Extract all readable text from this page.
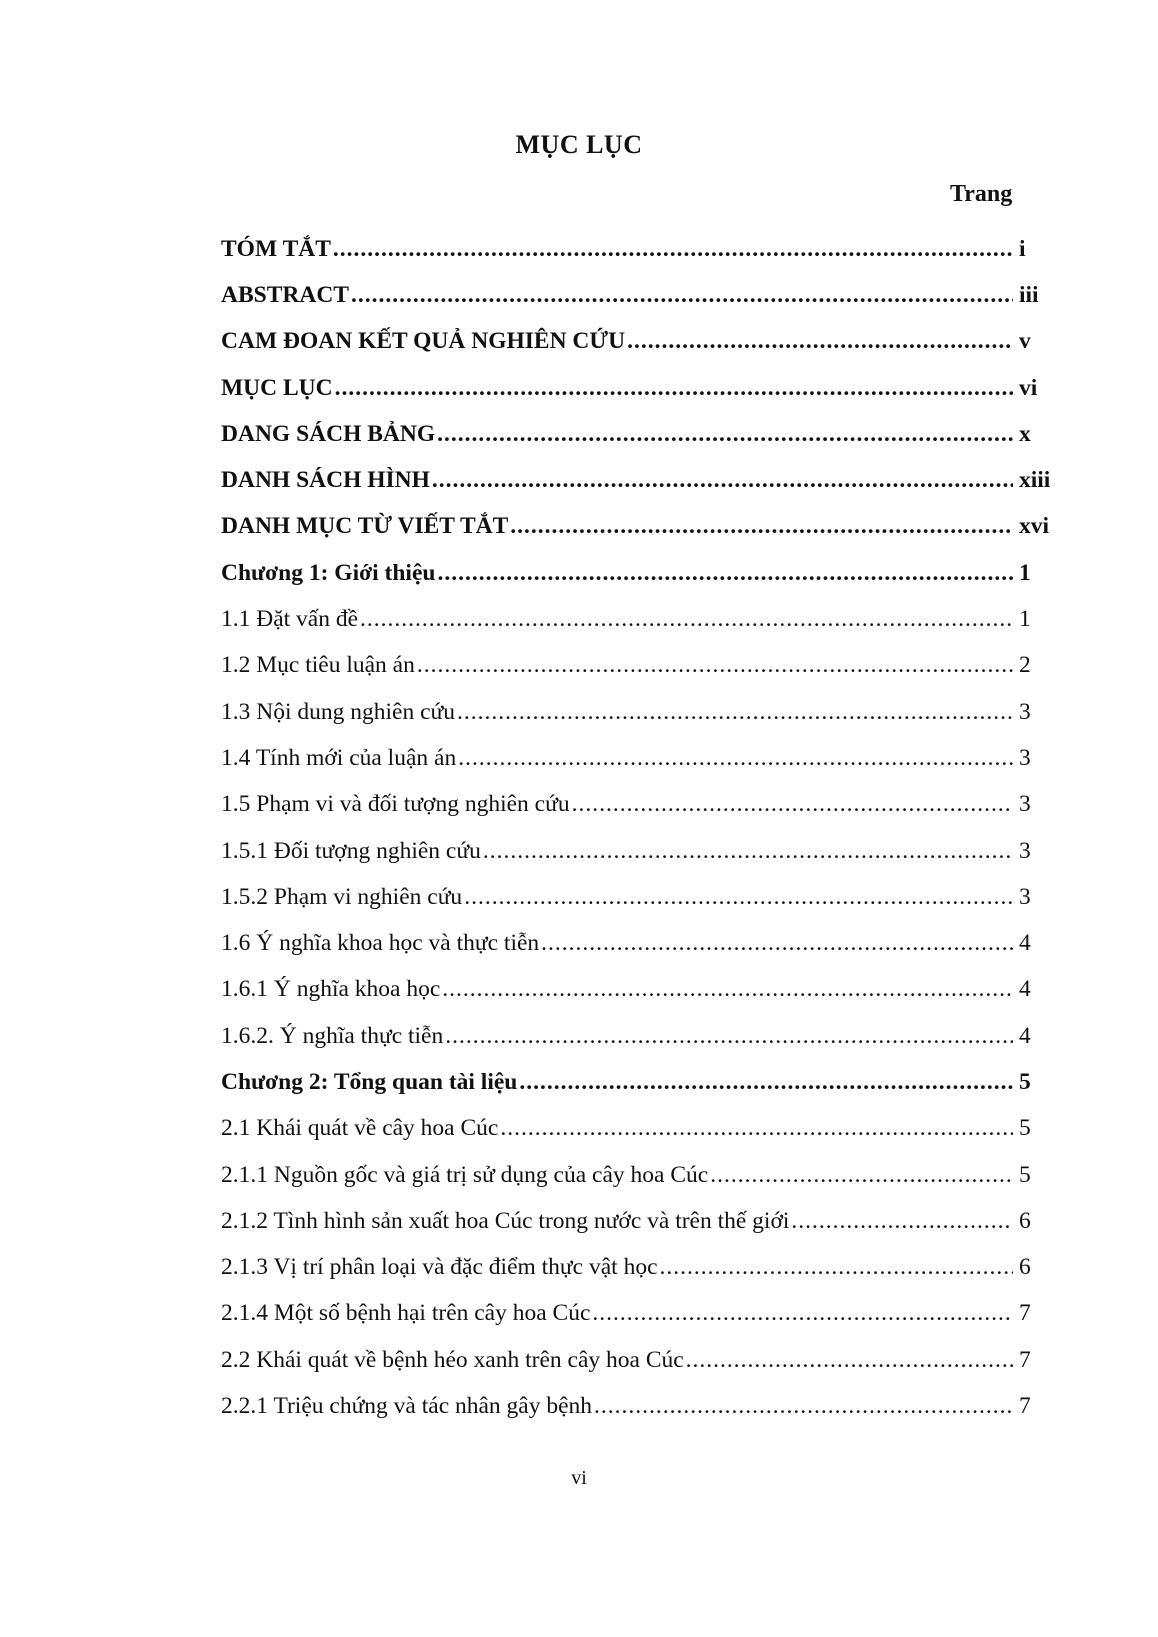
MỤC LỤC
Trang
TÓM TẮT .....	i
ABSTRACT .....	iii
CAM ĐOAN KẾT QUẢ NGHIÊN CỨU .....	v
MỤC LỤC .....	vi
DANG SÁCH BẢNG .....	x
DANH SÁCH HÌNH .....	xiii
DANH MỤC TỪ VIẾT TẮT .....	xvi
Chương 1: Giới thiệu .....	1
1.1 Đặt vấn đề .....	1
1.2 Mục tiêu luận án .....	2
1.3 Nội dung nghiên cứu .....	3
1.4 Tính mới của luận án .....	3
1.5 Phạm vi và đối tượng nghiên cứu .....	3
1.5.1 Đối tượng nghiên cứu .....	3
1.5.2 Phạm vi nghiên cứu .....	3
1.6 Ý nghĩa khoa học và thực tiễn .....	4
1.6.1 Ý nghĩa khoa học .....	4
1.6.2. Ý nghĩa thực tiễn .....	4
Chương 2: Tổng quan tài liệu .....	5
2.1 Khái quát về cây hoa Cúc .....	5
2.1.1 Nguồn gốc và giá trị sử dụng của cây hoa Cúc .....	5
2.1.2 Tình hình sản xuất hoa Cúc trong nước và trên thế giới .....	6
2.1.3 Vị trí phân loại và đặc điểm thực vật học .....	6
2.1.4 Một số bệnh hại trên cây hoa Cúc .....	7
2.2 Khái quát về bệnh héo xanh trên cây hoa Cúc .....	7
2.2.1 Triệu chứng và tác nhân gây bệnh .....	7
vi
